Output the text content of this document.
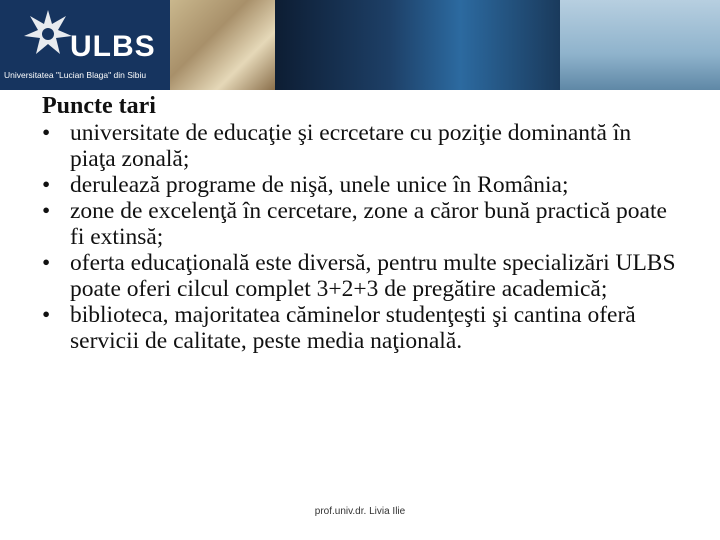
ULBS
Universitatea "Lucian Blaga" din Sibiu
Puncte tari
• universitate de educaţie şi ecrcetare cu poziţie dominantă în piaţa zonală;
• derulează programe de nişă, unele unice în România;
• zone de excelenţă în cercetare, zone a căror bună practică poate fi extinsă;
• oferta educaţională este diversă, pentru multe specializări ULBS poate oferi cilcul complet 3+2+3 de pregătire academică;
• biblioteca, majoritatea căminelor studenţeşti şi cantina oferă servicii de calitate, peste media naţională.
prof.univ.dr. Livia Ilie
